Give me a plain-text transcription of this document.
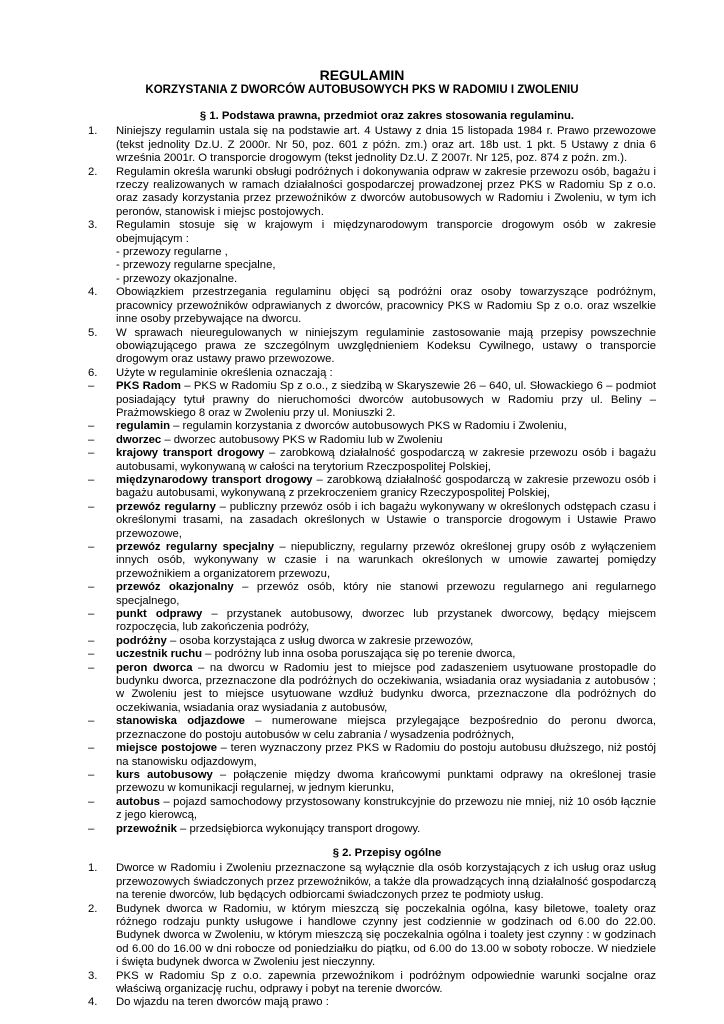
REGULAMIN
KORZYSTANIA Z DWORCÓW AUTOBUSOWYCH PKS W RADOMIU I ZWOLENIU
§ 1. Podstawa prawna, przedmiot oraz zakres stosowania regulaminu.
1.	Niniejszy regulamin ustala się na podstawie art. 4 Ustawy z dnia 15 listopada 1984 r. Prawo przewozowe (tekst jednolity Dz.U. Z 2000r. Nr 50, poz. 601 z późn. zm.) oraz art. 18b ust. 1 pkt. 5 Ustawy z dnia 6 września 2001r. O transporcie drogowym (tekst jednolity Dz.U. Z 2007r. Nr 125, poz. 874 z poźn. zm.).
2.	Regulamin określa warunki obsługi podróżnych i dokonywania odpraw w zakresie przewozu osób, bagażu i rzeczy realizowanych w ramach działalności gospodarczej prowadzonej przez PKS w Radomiu Sp z o.o. oraz zasady korzystania przez przewoźników z dworców autobusowych w Radomiu i Zwoleniu, w tym ich peronów, stanowisk i miejsc postojowych.
3.	Regulamin stosuje się w krajowym i międzynarodowym transporcie drogowym osób w zakresie obejmującym :
- przewozy regularne ,
- przewozy regularne specjalne,
- przewozy okazjonalne.
4.	Obowiązkiem przestrzegania regulaminu objęci są podróżni oraz osoby towarzyszące podróżnym, pracownicy przewoźników odprawianych z dworców, pracownicy PKS w Radomiu Sp z o.o. oraz wszelkie inne osoby przebywające na dworcu.
5.	W sprawach nieuregulowanych w niniejszym regulaminie zastosowanie mają przepisy powszechnie obowiązującego prawa ze szczególnym uwzględnieniem Kodeksu Cywilnego, ustawy o transporcie drogowym oraz ustawy prawo przewozowe.
6.	Użyte w regulaminie określenia oznaczają :
–	PKS Radom – PKS w Radomiu Sp z o.o., z siedzibą w Skaryszewie 26 – 640, ul. Słowackiego 6 – podmiot posiadający tytuł prawny do nieruchomości dworców autobusowych w Radomiu przy ul. Beliny – Prażmowskiego 8 oraz w Zwoleniu przy ul. Moniuszki 2.
–	regulamin – regulamin korzystania z dworców autobusowych PKS w Radomiu i Zwoleniu,
–	dworzec – dworzec autobusowy PKS w Radomiu lub w Zwoleniu
–	krajowy transport drogowy – zarobkową działalność gospodarczą w zakresie przewozu osób i bagażu autobusami, wykonywaną w całości na terytorium Rzeczpospolitej Polskiej,
–	międzynarodowy transport drogowy – zarobkową działalność gospodarczą w zakresie przewozu osób i bagażu autobusami, wykonywaną z przekroczeniem granicy Rzeczypospolitej Polskiej,
–	przewóz regularny – publiczny przewóz osób i ich bagażu wykonywany w określonych odstępach czasu i określonymi trasami, na zasadach określonych w Ustawie o transporcie drogowym i Ustawie Prawo przewozowe,
–	przewóz regularny specjalny – niepubliczny, regularny przewóz określonej grupy osób z wyłączeniem innych osób, wykonywany w czasie i na warunkach określonych w umowie zawartej pomiędzy przewoźnikiem a organizatorem przewozu,
–	przewóz okazjonalny – przewóz osób, który nie stanowi przewozu regularnego ani regularnego specjalnego,
–	punkt odprawy – przystanek autobusowy, dworzec lub przystanek dworcowy, będący miejscem rozpoczęcia, lub zakończenia podróży,
–	podróżny – osoba korzystająca z usług dworca w zakresie przewozów,
–	uczestnik ruchu – podróżny lub inna osoba poruszająca się po terenie dworca,
–	peron dworca – na dworcu w Radomiu jest to miejsce pod zadaszeniem usytuowane prostopadle do budynku dworca, przeznaczone dla podróżnych do oczekiwania, wsiadania oraz wysiadania z autobusów ; w Zwoleniu jest to miejsce usytuowane wzdłuż budynku dworca, przeznaczone dla podróżnych do oczekiwania, wsiadania oraz wysiadania z autobusów,
–	stanowiska odjazdowe – numerowane miejsca przylegające bezpośrednio do peronu dworca, przeznaczone do postoju autobusów w celu zabrania / wysadzenia podróżnych,
–	miejsce postojowe – teren wyznaczony przez PKS w Radomiu do postoju autobusu dłuższego, niż postój na stanowisku odjazdowym,
–	kurs autobusowy – połączenie między dwoma krańcowymi punktami odprawy na określonej trasie przewozu w komunikacji regularnej, w jednym kierunku,
–	autobus – pojazd samochodowy przystosowany konstrukcyjnie do przewozu nie mniej, niż 10 osób łącznie z jego kierowcą,
–	przewoźnik – przedsiębiorca wykonujący transport drogowy.
§ 2. Przepisy ogólne
1.	Dworce w Radomiu i Zwoleniu przeznaczone są wyłącznie dla osób korzystających z ich usług oraz usług przewozowych świadczonych przez przewoźników, a także dla prowadzących inną działalność gospodarczą na terenie dworców, lub będących odbiorcami świadczonych przez te podmioty usług.
2.	Budynek dworca w Radomiu, w którym mieszczą się poczekalnia ogólna, kasy biletowe, toalety oraz różnego rodzaju punkty usługowe i handlowe czynny jest codziennie w godzinach od 6.00 do 22.00. Budynek dworca w Zwoleniu, w którym mieszczą się poczekalnia ogólna i toalety jest czynny : w godzinach od 6.00 do 16.00 w dni robocze od poniedziałku do piątku, od 6.00 do 13.00 w soboty robocze. W niedziele i święta budynek dworca w Zwoleniu jest nieczynny.
3.	PKS w Radomiu Sp z o.o. zapewnia przewoźnikom i podróżnym odpowiednie warunki socjalne oraz właściwą organizację ruchu, odprawy i pobyt na terenie dworców.
4.	Do wjazdu na teren dworców mają prawo :
